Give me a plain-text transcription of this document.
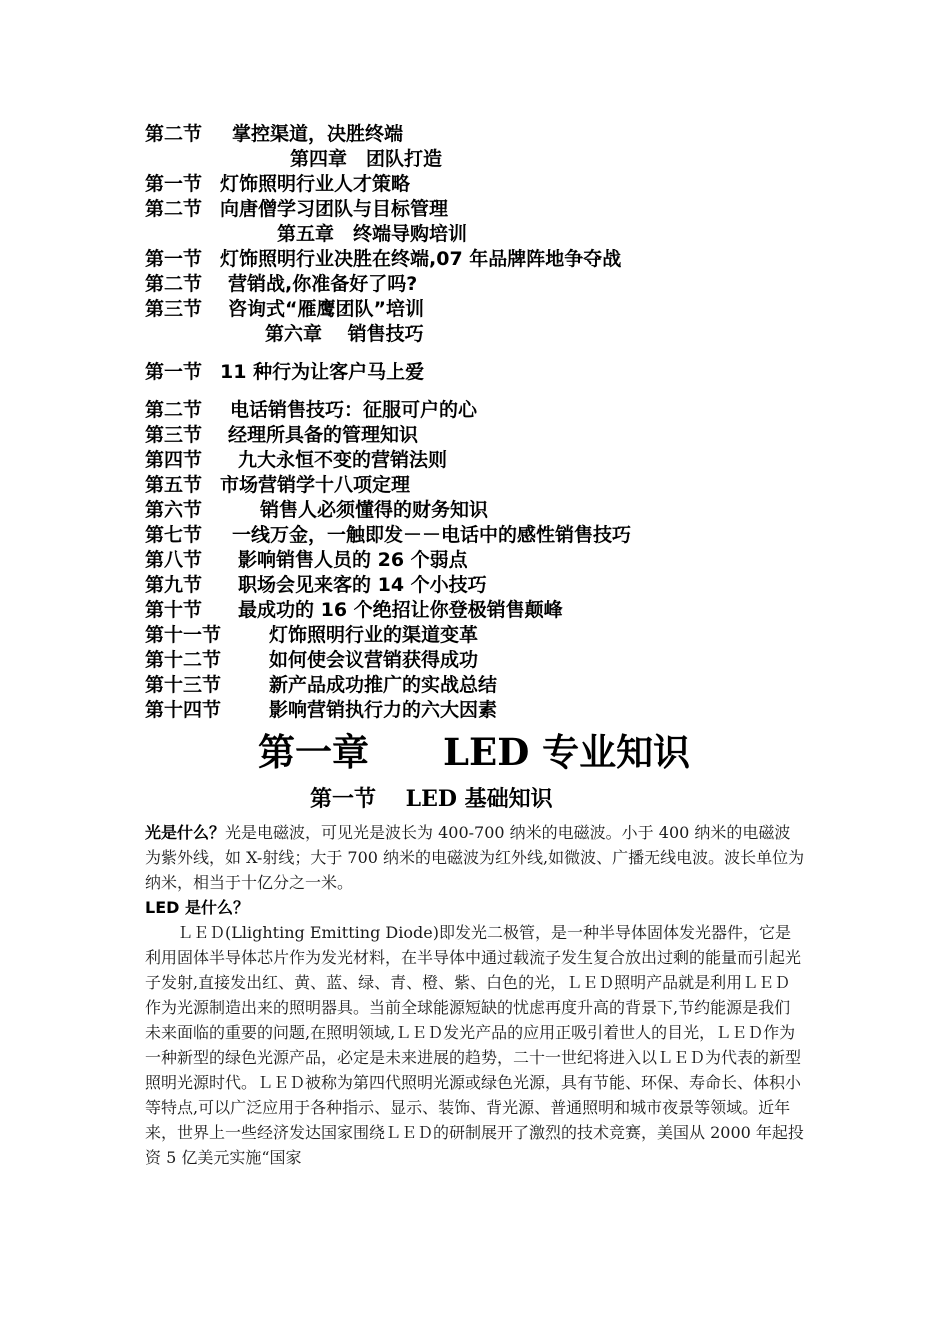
第二节 掌控渠道，决胜终端
第四章　团队打造
第一节 灯饰照明行业人才策略
第二节 向唐僧学习团队与目标管理
第五章　终端导购培训
第一节 灯饰照明行业决胜在终端,07 年品牌阵地争夺战
第二节 营销战,你准备好了吗?
第三节 咨询式“雁鹰团队”培训
第六章　 销售技巧
第一节 11 种行为让客户马上爱
第二节 电话销售技巧：征服可户的心
第三节 经理所具备的管理知识
第四节 九大永恒不变的营销法则
第五节 市场营销学十八项定理
第六节	销售人必须懂得的财务知识
第七节 一线万金，一触即发－－电话中的感性销售技巧
第八节 影响销售人员的 26 个弱点
第九节 职场会见来客的 14 个小技巧
第十节 最成功的 16 个绝招让你登极销售颠峰
第十一节	灯饰照明行业的渠道变革
第十二节	如何使会议营销获得成功
第十三节	新产品成功推广的实战总结
第十四节	影响营销执行力的六大因素
第一章　　LED 专业知识
第一节　 LED 基础知识

光是什么？光是电磁波，可见光是波长为 400-700 纳米的电磁波。小于 400 纳米的电磁波为紫外线，如 X-射线；大于 700 纳米的电磁波为红外线,如微波、广播无线电波。波长单位为纳米，相当于十亿分之一米。

LED 是什么？

ＬＥＤ(Llighting Emitting Diode)即发光二极管，是一种半导体固体发光器件，它是利用固体半导体芯片作为发光材料，在半导体中通过载流子发生复合放出过剩的能量而引起光子发射,直接发出红、黄、蓝、绿、青、橙、紫、白色的光，ＬＥＤ照明产品就是利用ＬＥＤ作为光源制造出来的照明器具。当前全球能源短缺的忧虑再度升高的背景下,节约能源是我们未来面临的重要的问题,在照明领域,ＬＥＤ发光产品的应用正吸引着世人的目光，ＬＥＤ作为一种新型的绿色光源产品，必定是未来进展的趋势，二十一世纪将进入以ＬＥＤ为代表的新型照明光源时代。ＬＥＤ被称为第四代照明光源或绿色光源，具有节能、环保、寿命长、体积小等特点,可以广泛应用于各种指示、显示、装饰、背光源、普通照明和城市夜景等领域。近年来，世界上一些经济发达国家围绕ＬＥＤ的研制展开了激烈的技术竞赛，美国从 2000 年起投资 5 亿美元实施“国家
